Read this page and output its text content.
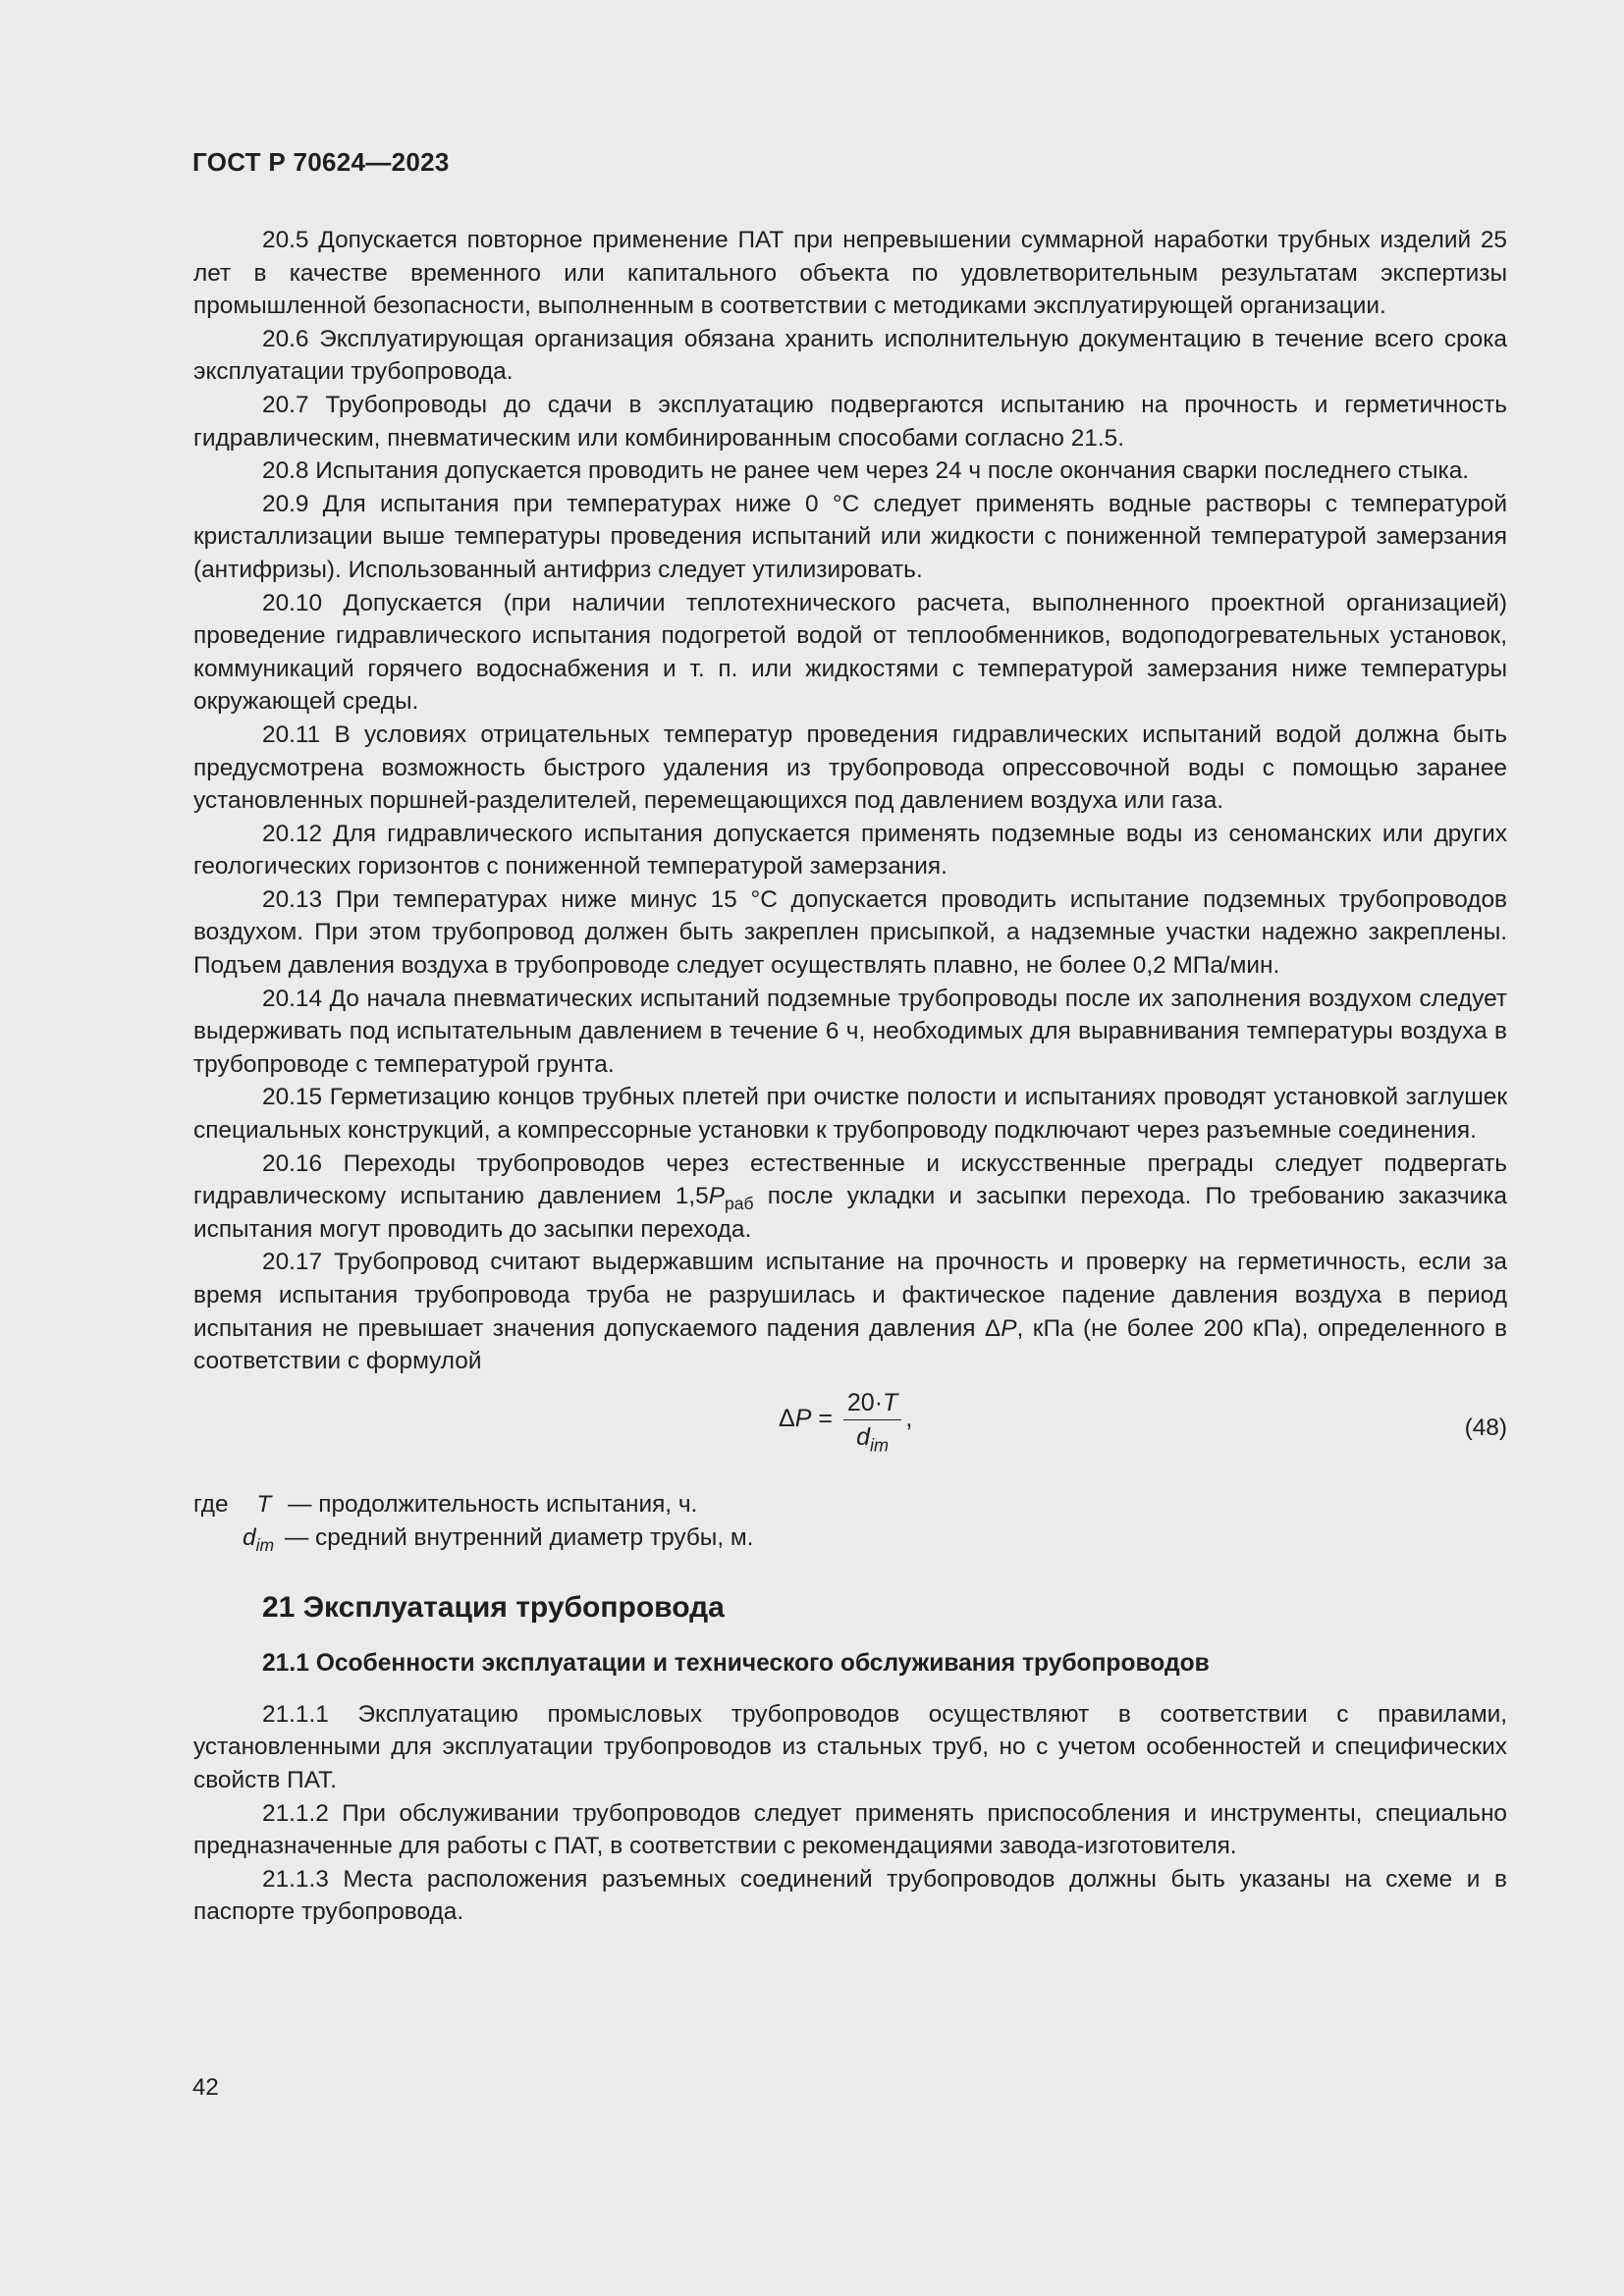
ГОСТ Р 70624—2023

20.5 Допускается повторное применение ПАТ при непревышении суммарной наработки трубных изделий 25 лет в качестве временного или капитального объекта по удовлетворительным результатам экспертизы промышленной безопасности, выполненным в соответствии с методиками эксплуатирующей организации.

20.6 Эксплуатирующая организация обязана хранить исполнительную документацию в течение всего срока эксплуатации трубопровода.

20.7 Трубопроводы до сдачи в эксплуатацию подвергаются испытанию на прочность и герметичность гидравлическим, пневматическим или комбинированным способами согласно 21.5.

20.8 Испытания допускается проводить не ранее чем через 24 ч после окончания сварки последнего стыка.

20.9 Для испытания при температурах ниже 0 °С следует применять водные растворы с температурой кристаллизации выше температуры проведения испытаний или жидкости с пониженной температурой замерзания (антифризы). Использованный антифриз следует утилизировать.

20.10 Допускается (при наличии теплотехнического расчета, выполненного проектной организацией) проведение гидравлического испытания подогретой водой от теплообменников, водоподогревательных установок, коммуникаций горячего водоснабжения и т. п. или жидкостями с температурой замерзания ниже температуры окружающей среды.

20.11 В условиях отрицательных температур проведения гидравлических испытаний водой должна быть предусмотрена возможность быстрого удаления из трубопровода опрессовочной воды с помощью заранее установленных поршней-разделителей, перемещающихся под давлением воздуха или газа.

20.12 Для гидравлического испытания допускается применять подземные воды из сеноманских или других геологических горизонтов с пониженной температурой замерзания.

20.13 При температурах ниже минус 15 °С допускается проводить испытание подземных трубопроводов воздухом. При этом трубопровод должен быть закреплен присыпкой, а надземные участки надежно закреплены. Подъем давления воздуха в трубопроводе следует осуществлять плавно, не более 0,2 МПа/мин.

20.14 До начала пневматических испытаний подземные трубопроводы после их заполнения воздухом следует выдерживать под испытательным давлением в течение 6 ч, необходимых для выравнивания температуры воздуха в трубопроводе с температурой грунта.

20.15 Герметизацию концов трубных плетей при очистке полости и испытаниях проводят установкой заглушек специальных конструкций, а компрессорные установки к трубопроводу подключают через разъемные соединения.

20.16 Переходы трубопроводов через естественные и искусственные преграды следует подвергать гидравлическому испытанию давлением $1,5P_{раб}$ после укладки и засыпки перехода. По требованию заказчика испытания могут проводить до засыпки перехода.

20.17 Трубопровод считают выдержавшим испытание на прочность и проверку на герметичность, если за время испытания трубопровода труба не разрушилась и фактическое падение давления воздуха в период испытания не превышает значения допускаемого падения давления ΔP, кПа (не более 200 кПа), определенного в соответствии с формулой

Δ $P = \frac{20\cdot T}{d_{im}}$ ,	(48)
где T — продолжительность испытания, ч.
$d_{im}$ — средний внутренний диаметр трубы, м.
21 Эксплуатация трубопровода
21.1 Особенности эксплуатации и технического обслуживания трубопроводов

21.1.1 Эксплуатацию промысловых трубопроводов осуществляют в соответствии с правилами, установленными для эксплуатации трубопроводов из стальных труб, но с учетом особенностей и специфических свойств ПАТ.

21.1.2 При обслуживании трубопроводов следует применять приспособления и инструменты, специально предназначенные для работы с ПАТ, в соответствии с рекомендациями завода-изготовителя.

21.1.3 Места расположения разъемных соединений трубопроводов должны быть указаны на схеме и в паспорте трубопровода.

42
